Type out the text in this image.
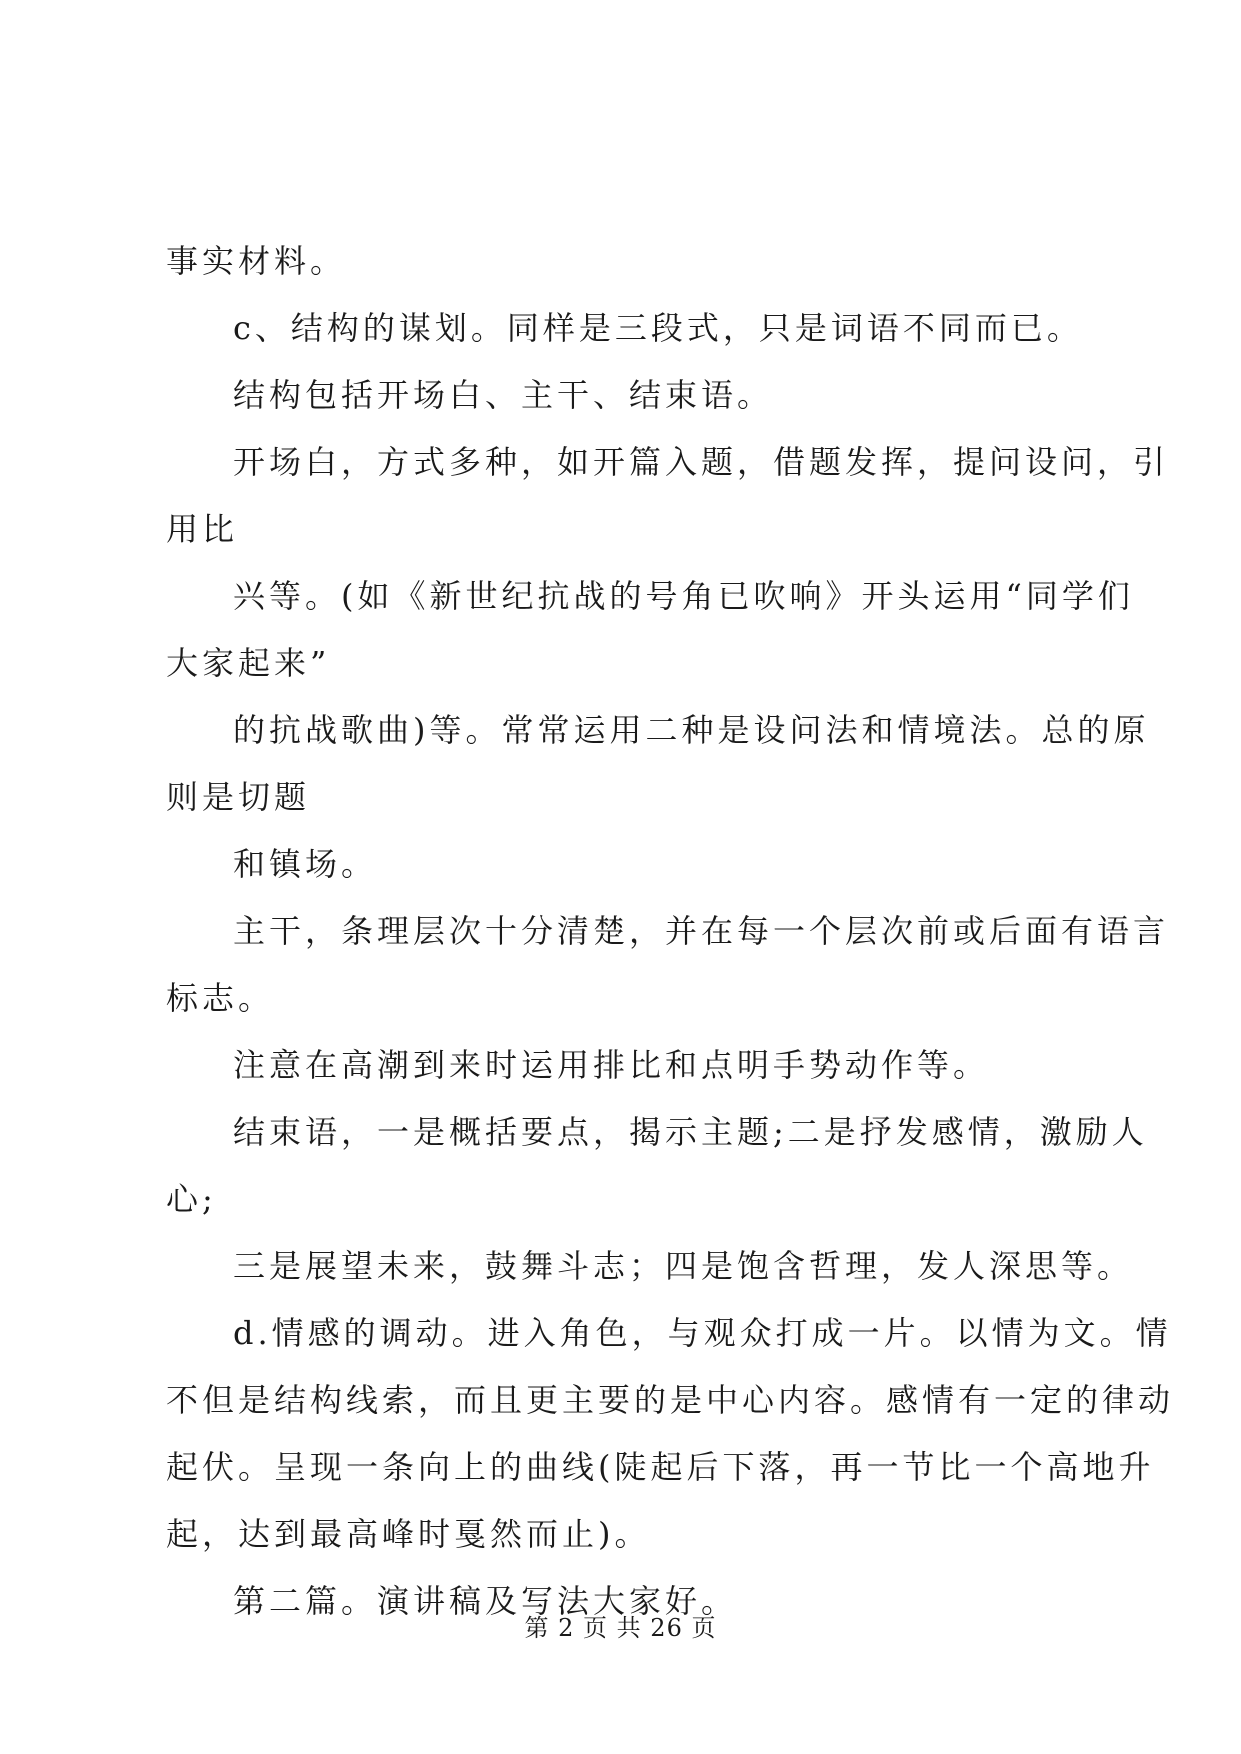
事实材料。
c、结构的谋划。同样是三段式，只是词语不同而已。
结构包括开场白、主干、结束语。
开场白，方式多种，如开篇入题，借题发挥，提问设问，引
用比
兴等。(如《新世纪抗战的号角已吹响》开头运用“同学们
大家起来”
的抗战歌曲)等。常常运用二种是设问法和情境法。总的原
则是切题
和镇场。
主干，条理层次十分清楚，并在每一个层次前或后面有语言
标志。
注意在高潮到来时运用排比和点明手势动作等。
结束语，一是概括要点，揭示主题;二是抒发感情，激励人
心;
三是展望未来，鼓舞斗志；四是饱含哲理，发人深思等。
d.情感的调动。进入角色，与观众打成一片。以情为文。情
不但是结构线索，而且更主要的是中心内容。感情有一定的律动
起伏。呈现一条向上的曲线(陡起后下落，再一节比一个高地升
起，达到最高峰时戛然而止)。
第二篇。演讲稿及写法大家好。
第 2 页 共 26 页
